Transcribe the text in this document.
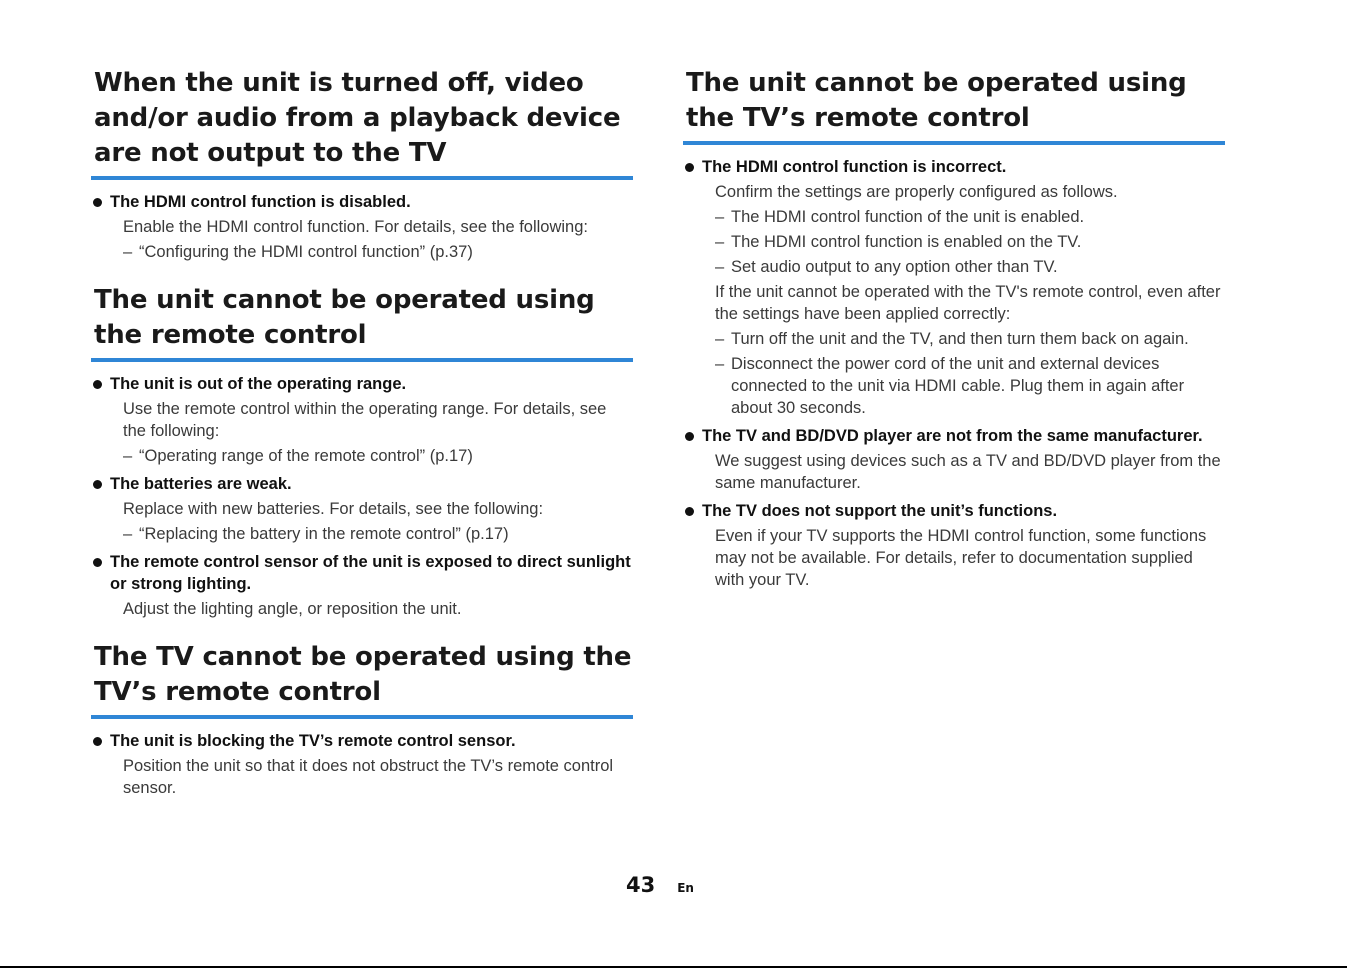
When the unit is turned off, video and/or audio from a playback device are not output to the TV
The HDMI control function is disabled.
Enable the HDMI control function. For details, see the following:
– “Configuring the HDMI control function” (p.37)
The unit cannot be operated using the remote control
The unit is out of the operating range.
Use the remote control within the operating range. For details, see the following:
– “Operating range of the remote control” (p.17)
The batteries are weak.
Replace with new batteries. For details, see the following:
– “Replacing the battery in the remote control” (p.17)
The remote control sensor of the unit is exposed to direct sunlight or strong lighting.
Adjust the lighting angle, or reposition the unit.
The TV cannot be operated using the TV’s remote control
The unit is blocking the TV’s remote control sensor.
Position the unit so that it does not obstruct the TV’s remote control sensor.
The unit cannot be operated using the TV’s remote control
The HDMI control function is incorrect.
Confirm the settings are properly configured as follows.
– The HDMI control function of the unit is enabled.
– The HDMI control function is enabled on the TV.
– Set audio output to any option other than TV.
If the unit cannot be operated with the TV's remote control, even after the settings have been applied correctly:
– Turn off the unit and the TV, and then turn them back on again.
– Disconnect the power cord of the unit and external devices connected to the unit via HDMI cable. Plug them in again after about 30 seconds.
The TV and BD/DVD player are not from the same manufacturer.
We suggest using devices such as a TV and BD/DVD player from the same manufacturer.
The TV does not support the unit’s functions.
Even if your TV supports the HDMI control function, some functions may not be available. For details, refer to documentation supplied with your TV.
43 En
